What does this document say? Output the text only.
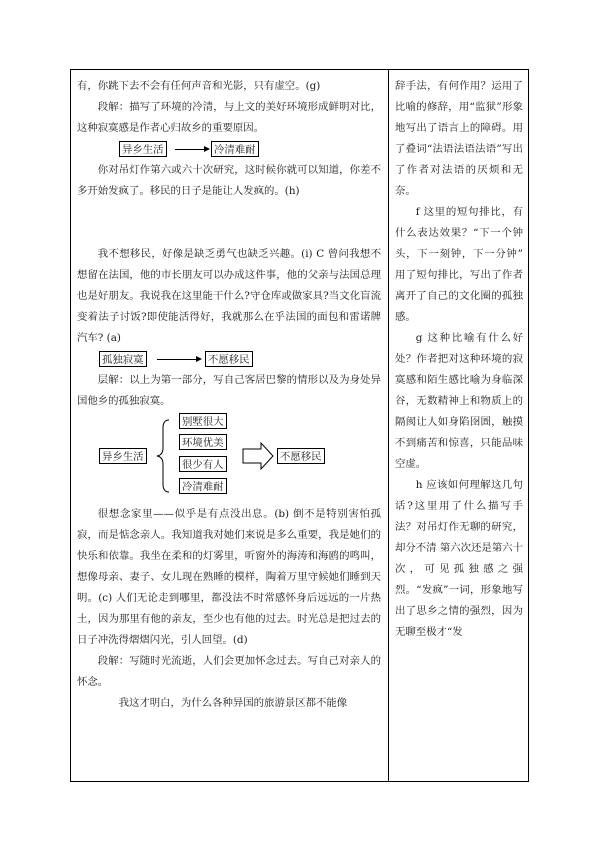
有，你跳下去不会有任何声音和光影，只有虚空。(g)

段解：描写了环境的冷清，与上文的美好环境形成鲜明对比，这种寂寞感是作者心归故乡的重要原因。

异乡生活	冷清难耐

你对吊灯作第六或六十次研究，这时候你就可以知道，你差不多开始发疯了。移民的日子是能让人发疯的。(h)

我不想移民，好像是缺乏勇气也缺乏兴趣。(i) C 曾问我想不想留在法国，他的市长朋友可以办成这件事，他的父亲与法国总理也是好朋友。我说我在这里能干什么?守仓库或做家具?当文化盲流变着法子讨饭?即使能活得好，我就那么在乎法国的面包和雷诺牌汽车? (a)

孤独寂寞	不愿移民

层解：以上为第一部分，写自己客居巴黎的情形以及为身处异国他乡的孤独寂寞。

异乡生活
别墅很大
环境优美
很少有人
冷清难耐
不愿移民

很想念家里——似乎是有点没出息。(b) 倒不是特别害怕孤寂，而是惦念亲人。我知道我对她们来说是多么重要，我是她们的快乐和依靠。我坐在柔和的灯雾里，听窗外的海涛和海鸥的鸣叫，想像母亲、妻子、女儿现在熟睡的模样，陶着万里守候她们睡到天明。(c) 人们无论走到哪里，都没法不时常感怀身后远远的一片热土，因为那里有他的亲友，至少也有他的过去。时光总是把过去的日子冲洗得熠熠闪光，引人回望。(d)

段解：写随时光流逝，人们会更加怀念过去。写自己对亲人的怀念。

我这才明白，为什么各种异国的旅游景区都不能像

辞手法，有何作用？运用了比喻的修辞，用“监狱”形象地写出了语言上的障碍。用了叠词“法语法语法语”写出了作者对法语的厌烦和无奈。

f 这里的短句排比，有什么表达效果？“下一个钟头，下一刻钟，下一分钟” 用了短句排比，写出了作者离开了自己的文化圈的孤独感。

g 这种比喻有什么好处？作者把对这种环境的寂寞感和陌生感比喻为身临深谷，无数精神上和物质上的隔阂让人如身陷囹圄，触摸不到痛苦和惊喜，只能品味空虚。

h 应该如何理解这几句话?这里用了什么描写手法？对吊灯作无聊的研究，却分不清 第六次还是第六十次，可见孤独感之强烈。“发疯”一词，形象地写出了思乡之情的强烈，因为无聊至极才“发
